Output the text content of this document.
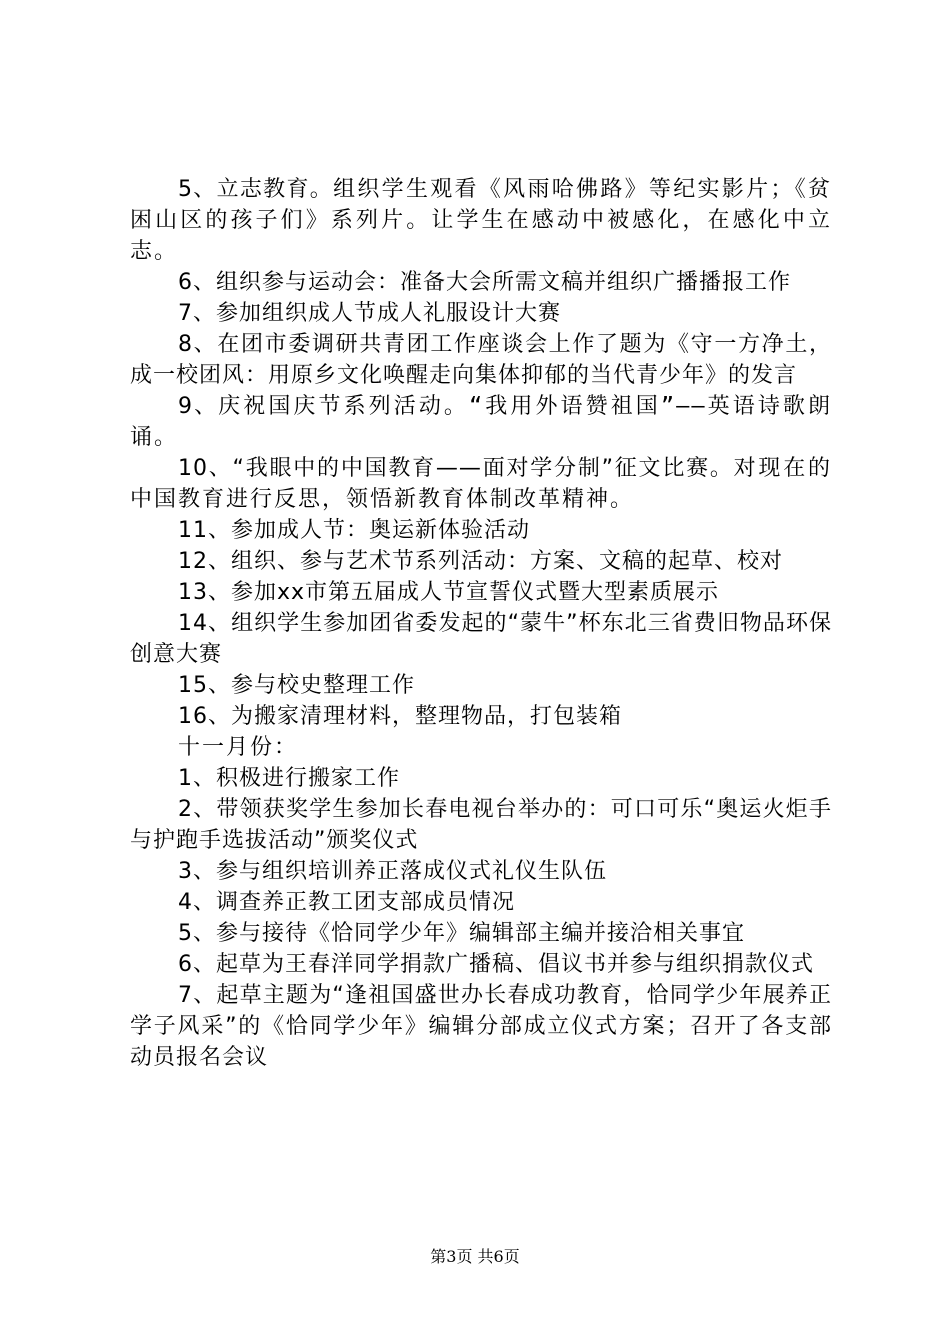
5、立志教育。组织学生观看《风雨哈佛路》等纪实影片；《贫困山区的孩子们》系列片。让学生在感动中被感化，在感化中立志。

6、组织参与运动会：准备大会所需文稿并组织广播播报工作

7、参加组织成人节成人礼服设计大赛

8、在团市委调研共青团工作座谈会上作了题为《守一方净土，成一校团风：用原乡文化唤醒走向集体抑郁的当代青少年》的发言

9、庆祝国庆节系列活动。“我用外语赞祖国”——英语诗歌朗诵。

10、“我眼中的中国教育——面对学分制”征文比赛。对现在的中国教育进行反思，领悟新教育体制改革精神。

11、参加成人节：奥运新体验活动

12、组织、参与艺术节系列活动：方案、文稿的起草、校对

13、参加xx市第五届成人节宣誓仪式暨大型素质展示

14、组织学生参加团省委发起的“蒙牛”杯东北三省费旧物品环保创意大赛

15、参与校史整理工作

16、为搬家清理材料，整理物品，打包装箱

十一月份：

1、积极进行搬家工作

2、带领获奖学生参加长春电视台举办的：可口可乐“奥运火炬手与护跑手选拔活动”颁奖仪式

3、参与组织培训养正落成仪式礼仪生队伍

4、调查养正教工团支部成员情况

5、参与接待《恰同学少年》编辑部主编并接洽相关事宜

6、起草为王春洋同学捐款广播稿、倡议书并参与组织捐款仪式

7、起草主题为“逢祖国盛世办长春成功教育，恰同学少年展养正学子风采”的《恰同学少年》编辑分部成立仪式方案；召开了各支部动员报名会议

第3页 共6页
